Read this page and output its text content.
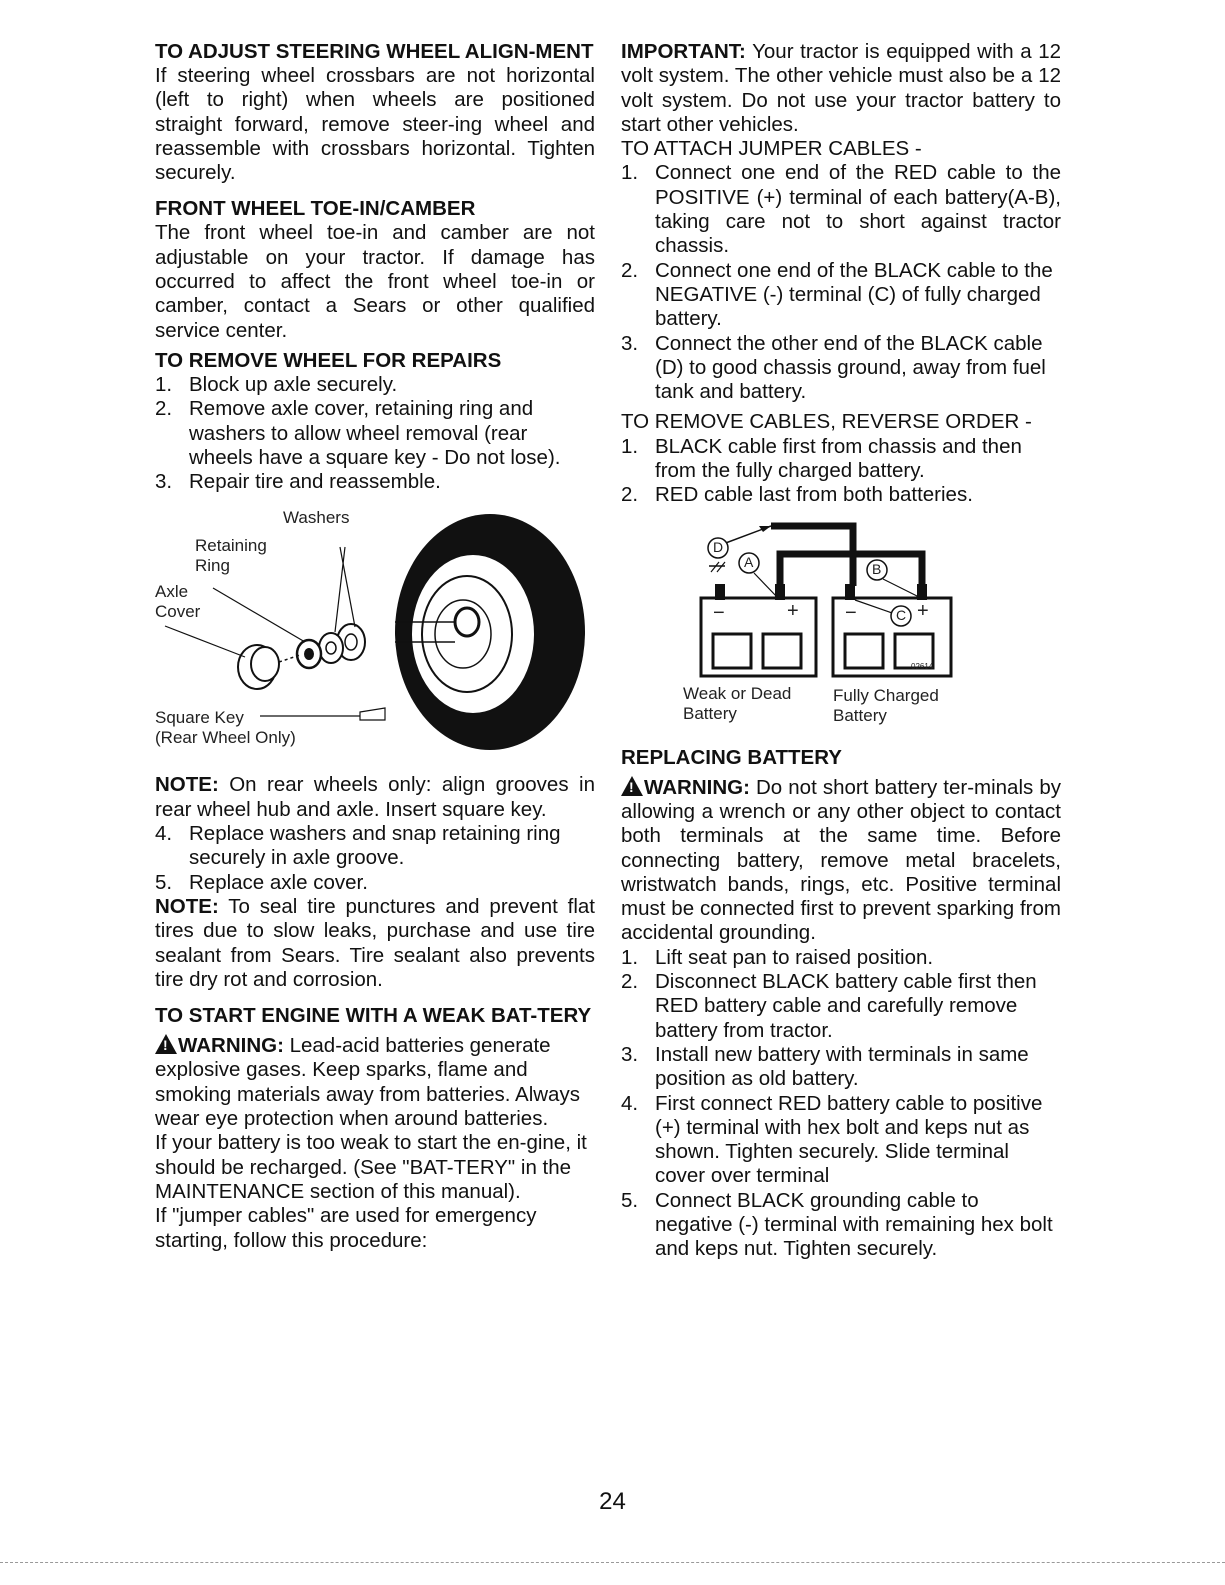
TO ADJUST STEERING WHEEL ALIGN-MENT

If steering wheel crossbars are not horizontal (left to right) when wheels are positioned straight forward, remove steer-ing wheel and reassemble with crossbars horizontal. Tighten securely.

FRONT WHEEL TOE-IN/CAMBER

The front wheel toe-in and camber are not adjustable on your tractor. If damage has occurred to affect the front wheel toe-in or camber, contact a Sears or other qualified service center.

TO REMOVE WHEEL FOR REPAIRS

1. Block up axle securely.
2. Remove axle cover, retaining ring and washers to allow wheel removal (rear wheels have a square key - Do not lose).
3. Repair tire and reassemble.
Washers
Retaining
Ring
Axle
Cover
Square Key
(Rear Wheel Only)

NOTE: On rear wheels only: align grooves in rear wheel hub and axle. Insert square key.

4. Replace washers and snap retaining ring securely in axle groove.
5. Replace axle cover.

NOTE: To seal tire punctures and prevent flat tires due to slow leaks, purchase and use tire sealant from Sears. Tire sealant also prevents tire dry rot and corrosion.

TO START ENGINE WITH A WEAK BAT-TERY

!WARNING: Lead-acid batteries generate explosive gases. Keep sparks, flame and smoking materials away from batteries. Always wear eye protection when around batteries.

If your battery is too weak to start the en-gine, it should be recharged. (See "BAT-TERY" in the MAINTENANCE section of this manual).

If "jumper cables" are used for emergency starting, follow this procedure:

IMPORTANT: Your tractor is equipped with a 12 volt system. The other vehicle must also be a 12 volt system. Do not use your tractor battery to start other vehicles.

TO ATTACH JUMPER CABLES -

1. Connect one end of the RED cable to the POSITIVE (+) terminal of each battery(A-B), taking care not to short against tractor chassis.
2. Connect one end of the BLACK cable to the NEGATIVE (-) terminal (C) of fully charged battery.
3. Connect the other end of the BLACK cable (D) to good chassis ground, away from fuel tank and battery.

TO REMOVE CABLES, REVERSE ORDER -

1. BLACK cable first from chassis and then from the fully charged battery.
2. RED cable last from both batteries.
D
A	B
C
−	+ −	+
02614
Weak or Dead
Battery
Fully Charged
Battery

REPLACING BATTERY

!WARNING: Do not short battery ter-minals by allowing a wrench or any other object to contact both terminals at the same time. Before connecting battery, remove metal bracelets, wristwatch bands, rings, etc. Positive terminal must be connected first to prevent sparking from accidental grounding.

1. Lift seat pan to raised position.
2. Disconnect BLACK battery cable first then RED battery cable and carefully remove battery from tractor.
3. Install new battery with terminals in same position as old battery.
4. First connect RED battery cable to positive (+) terminal with hex bolt and keps nut as shown. Tighten securely. Slide terminal cover over terminal
5. Connect BLACK grounding cable to negative (-) terminal with remaining hex bolt and keps nut. Tighten securely.
24
